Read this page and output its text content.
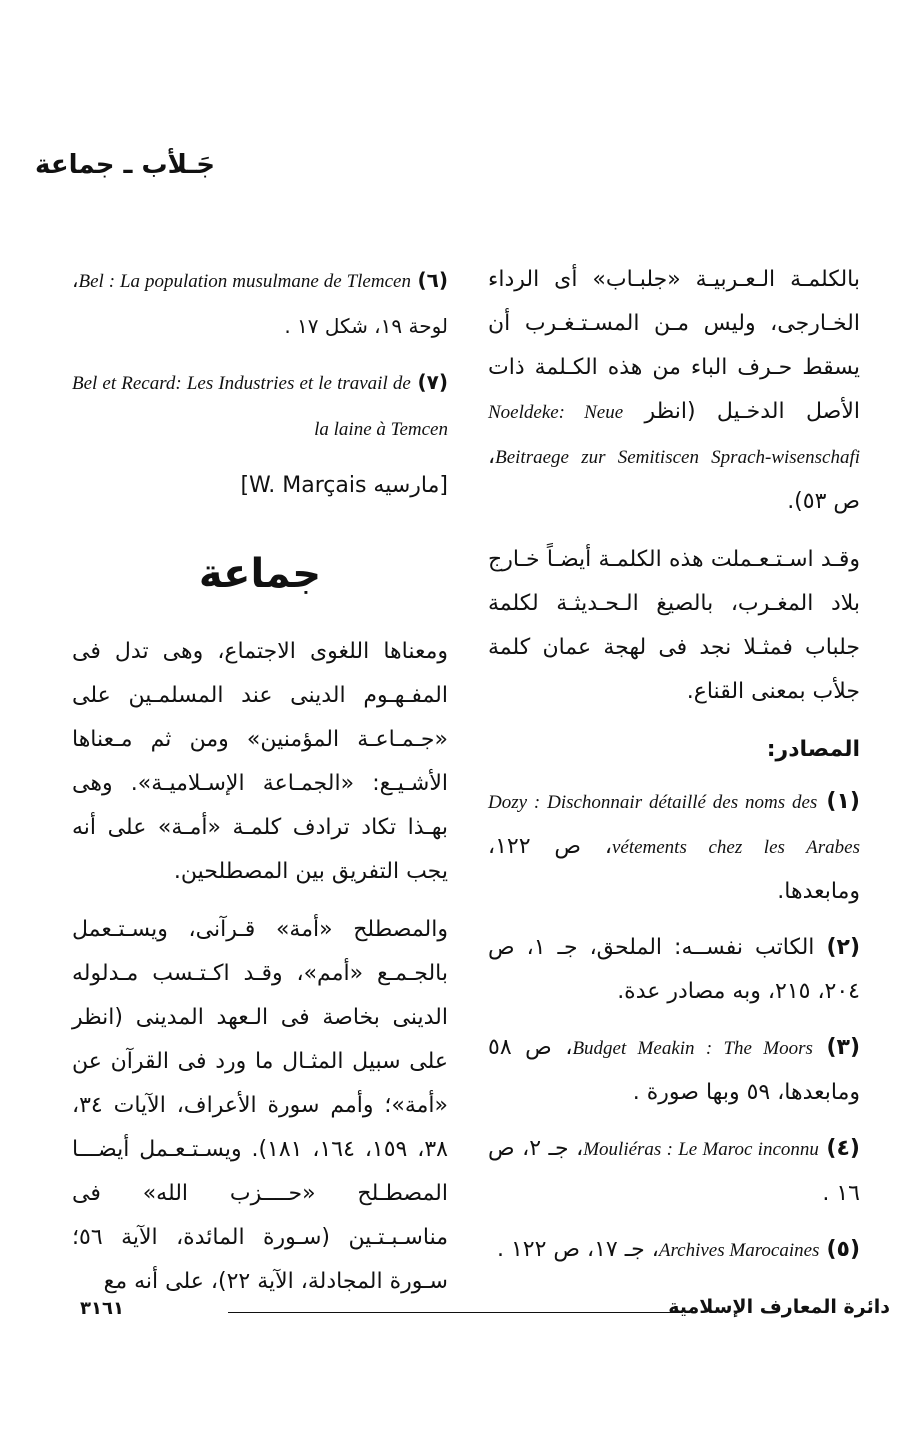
جَـلأب ـ جماعة

بالكلمـة الـعـربيـة «جلبـاب» أى الرداء الخـارجى، وليس مـن المسـتـغـرب أن يسقط حـرف الباء من هذه الكـلمة ذات الأصل الدخـيل (انظر Noeldeke: Neue Beitraege zur Semitiscen Sprach-wisenschafi، ص ٥٣).

وقـد اسـتـعـملت هذه الكلمـة أيضـاً خـارج بلاد المغـرب، بالصيغ الـحـديثـة لكلمة جلباب فمثـلا نجد فى لهجة عمان كلمة جلأب بمعنى القناع.

المصادر:
(١) Dozy : Dischonnair détaillé des noms des vétements chez les Arabes، ص ١٢٢، ومابعدها.
(٢) الكاتب نفســه: الملحق، جـ ١، ص ٢٠٤، ٢١٥، وبه مصادر عدة.
(٣) Budget Meakin : The Moors، ص ٥٨ ومابعدها، ٥٩ وبها صورة .
(٤) Mouliéras : Le Maroc inconnu، جـ ٢، ص ١٦ .
(٥) Archives Marocaines، جـ ١٧، ص ١٢٢ .
(٦) Bel : La population musulmane de Tlemcen، لوحة ١٩، شكل ١٧ .
(٧) Bel et Recard: Les Industries et le travail de la laine à Temcen
[مارسيه W. Marçais]
جماعة

ومعناها اللغوى الاجتماع، وهى تدل فى المفـهـوم الدينى عند المسلمـين على «جـمـاعـة المؤمنين» ومن ثم مـعناها الأشـيـع: «الجمـاعة الإسـلاميـة». وهى بهـذا تكاد ترادف كلمـة «أمـة» على أنه يجب التفريق بين المصطلحين.

والمصطلح «أمة» قـرآنى، ويسـتـعمل بالجـمـع «أمم»، وقـد اكـتـسب مـدلوله الدينى بخاصة فى الـعهد المدينى (انظر على سبيل المثـال ما ورد فى القرآن عن «أمة»؛ وأمم سورة الأعراف، الآيات ٣٤، ٣٨، ١٥٩، ١٦٤، ١٨١). ويسـتـعـمل أيضـــا المصطـلح «حــــزب الله» فى مناسـبـتـين (سـورة المائدة، الآية ٥٦؛ سـورة المجادلة، الآية ٢٢)، على أنه مع

دائرة المعارف الإسلامية
٣١٦١
